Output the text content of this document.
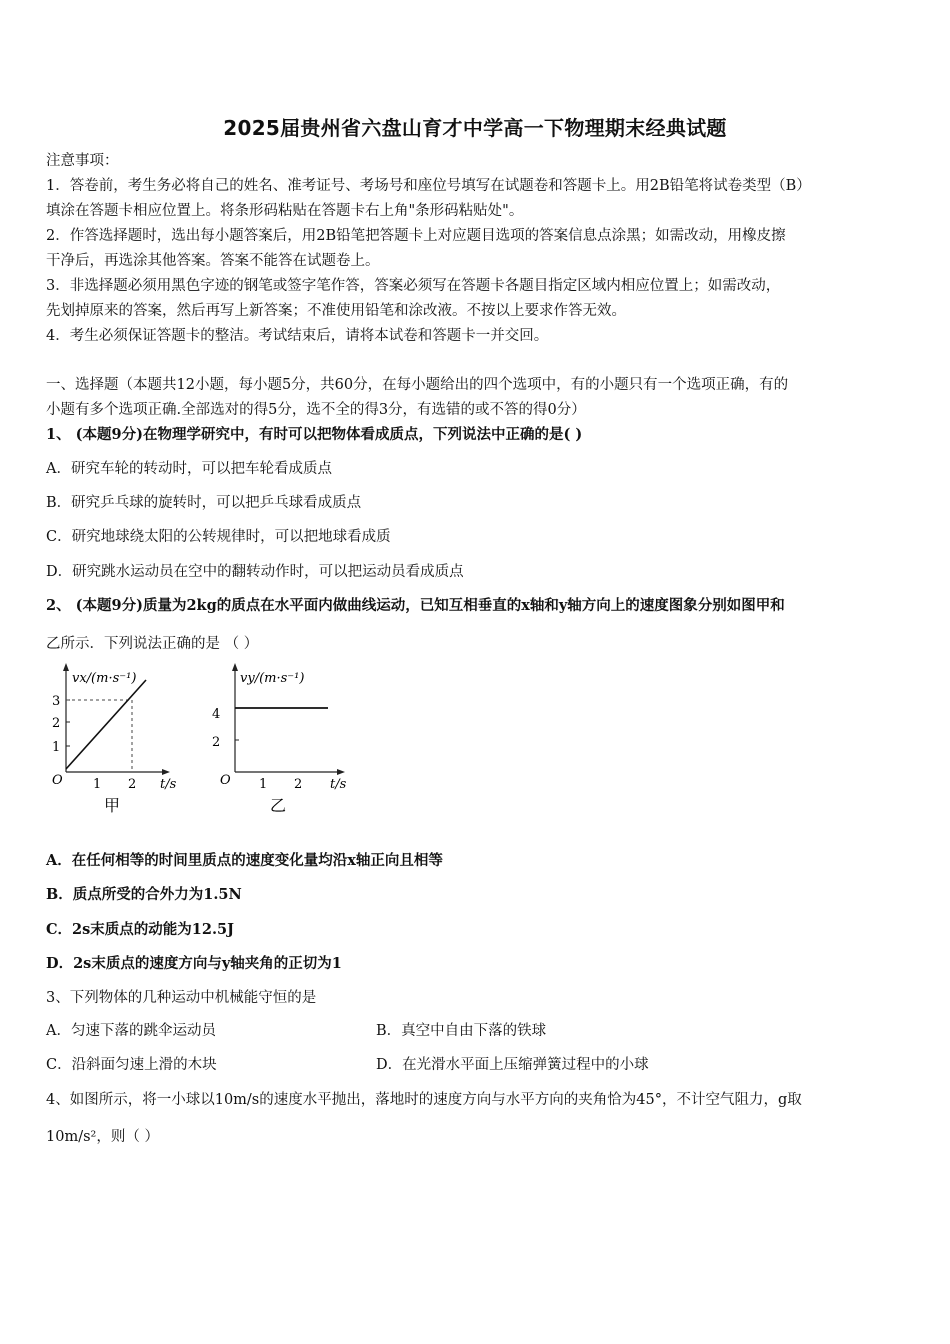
2025届贵州省六盘山育才中学高一下物理期末经典试题
注意事项：
1．答卷前，考生务必将自己的姓名、准考证号、考场号和座位号填写在试题卷和答题卡上。用2B铅笔将试卷类型（B）
填涂在答题卡相应位置上。将条形码粘贴在答题卡右上角"条形码粘贴处"。
2．作答选择题时，选出每小题答案后，用2B铅笔把答题卡上对应题目选项的答案信息点涂黑；如需改动，用橡皮擦
干净后，再选涂其他答案。答案不能答在试题卷上。
3．非选择题必须用黑色字迹的钢笔或签字笔作答，答案必须写在答题卡各题目指定区域内相应位置上；如需改动，
先划掉原来的答案，然后再写上新答案；不准使用铅笔和涂改液。不按以上要求作答无效。
4．考生必须保证答题卡的整洁。考试结束后，请将本试卷和答题卡一并交回。
一、选择题（本题共12小题，每小题5分，共60分，在每小题给出的四个选项中，有的小题只有一个选项正确，有的
小题有多个选项正确.全部选对的得5分，选不全的得3分，有选错的或不答的得0分）
1、 (本题9分)在物理学研究中，有时可以把物体看成质点，下列说法中正确的是( )
A．研究车轮的转动时，可以把车轮看成质点
B．研究乒乓球的旋转时，可以把乒乓球看成质点
C．研究地球绕太阳的公转规律时，可以把地球看成质
D．研究跳水运动员在空中的翻转动作时，可以把运动员看成质点
2、 (本题9分)质量为2kg的质点在水平面内做曲线运动，已知互相垂直的x轴和y轴方向上的速度图象分别如图甲和
乙所示．下列说法正确的是 （ ）
vx/(m·s⁻¹)
1
2
3
O 1 2 t/s
甲
vy/(m·s⁻¹)
4
2
O 1 2 t/s
乙
A．在任何相等的时间里质点的速度变化量均沿x轴正向且相等
B．质点所受的合外力为1.5N
C．2s末质点的动能为12.5J
D．2s末质点的速度方向与y轴夹角的正切为1
3、下列物体的几种运动中机械能守恒的是
A．匀速下落的跳伞运动员	B．真空中自由下落的铁球
C．沿斜面匀速上滑的木块	D．在光滑水平面上压缩弹簧过程中的小球
4、如图所示，将一小球以10m/s的速度水平抛出，落地时的速度方向与水平方向的夹角恰为45°，不计空气阻力，g取
10m/s²，则（ ）
